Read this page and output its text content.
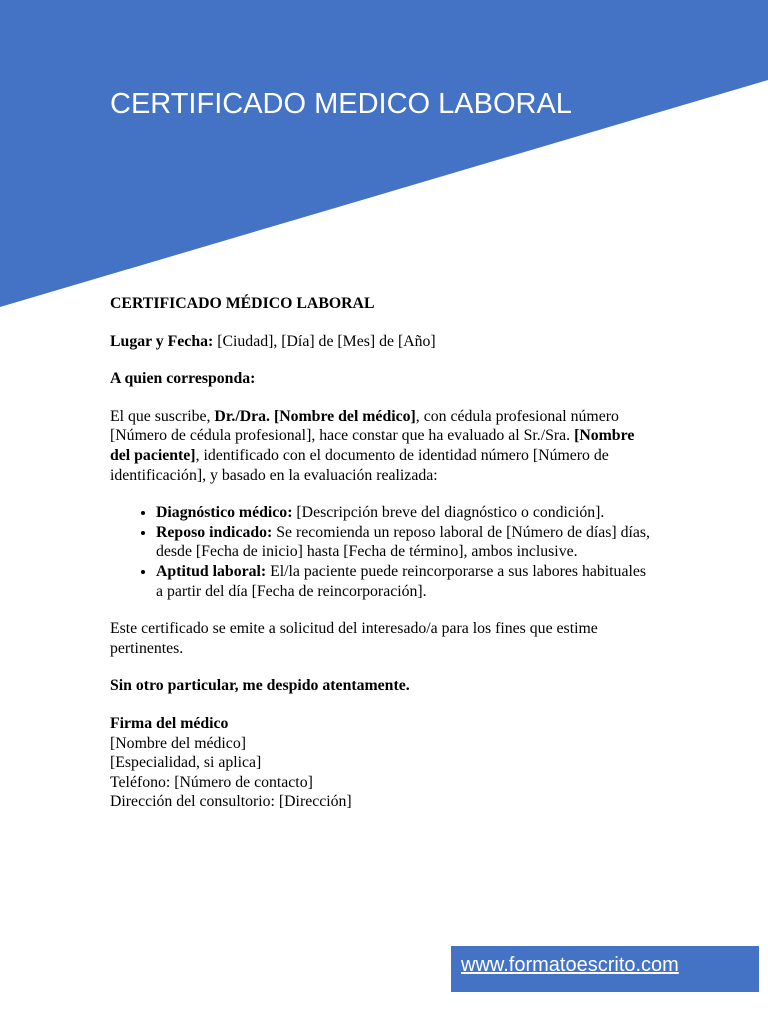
CERTIFICADO MEDICO LABORAL

CERTIFICADO MÉDICO LABORAL

Lugar y Fecha: [Ciudad], [Día] de [Mes] de [Año]

A quien corresponda:

El que suscribe, Dr./Dra. [Nombre del médico], con cédula profesional número [Número de cédula profesional], hace constar que ha evaluado al Sr./Sra. [Nombre del paciente], identificado con el documento de identidad número [Número de identificación], y basado en la evaluación realizada:

• Diagnóstico médico: [Descripción breve del diagnóstico o condición].
• Reposo indicado: Se recomienda un reposo laboral de [Número de días] días, desde [Fecha de inicio] hasta [Fecha de término], ambos inclusive.
• Aptitud laboral: El/la paciente puede reincorporarse a sus labores habituales a partir del día [Fecha de reincorporación].

Este certificado se emite a solicitud del interesado/a para los fines que estime pertinentes.

Sin otro particular, me despido atentamente.

Firma del médico

[Nombre del médico]

[Especialidad, si aplica]

Teléfono: [Número de contacto]

Dirección del consultorio: [Dirección]

www.formatoescrito.com
